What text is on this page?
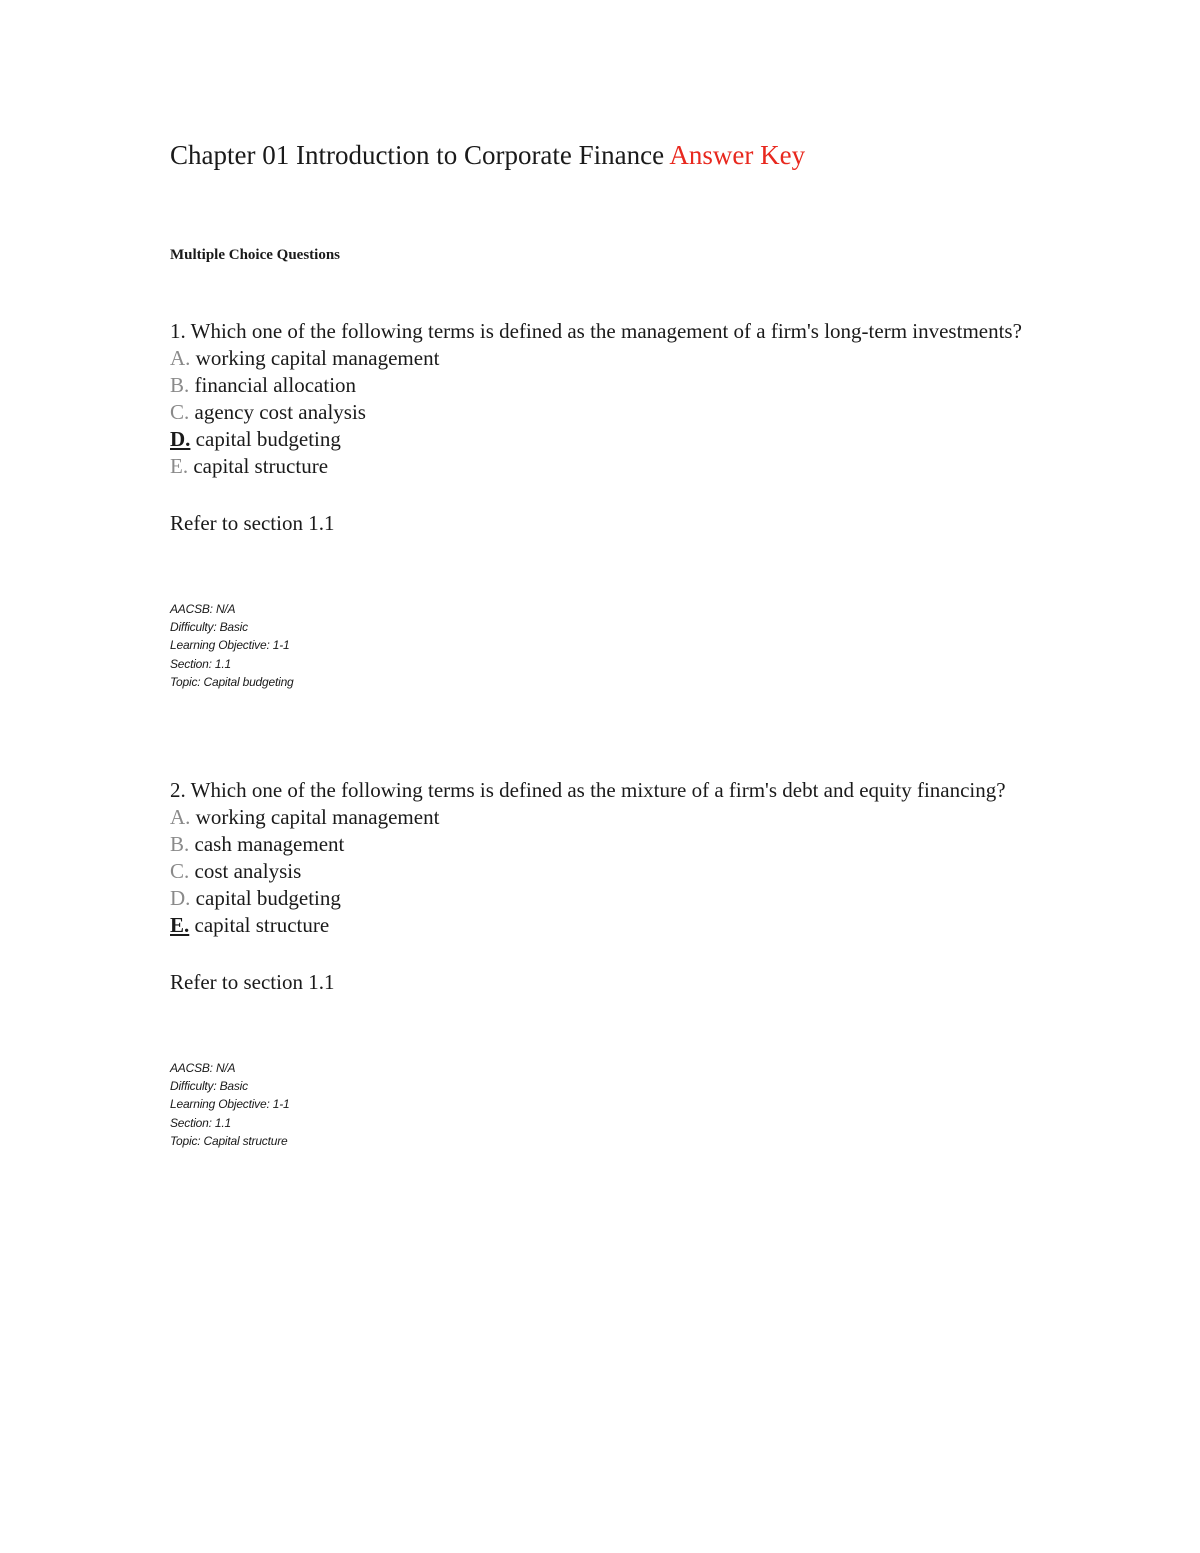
Chapter 01 Introduction to Corporate Finance Answer Key
Multiple Choice Questions

1. Which one of the following terms is defined as the management of a firm's long-term investments?

A. working capital management
B. financial allocation
C. agency cost analysis
D. capital budgeting
E. capital structure
Refer to section 1.1
AACSB: N/A
Difficulty: Basic
Learning Objective: 1-1
Section: 1.1
Topic: Capital budgeting

2. Which one of the following terms is defined as the mixture of a firm's debt and equity financing?

A. working capital management
B. cash management
C. cost analysis
D. capital budgeting
E. capital structure
Refer to section 1.1
AACSB: N/A
Difficulty: Basic
Learning Objective: 1-1
Section: 1.1
Topic: Capital structure
